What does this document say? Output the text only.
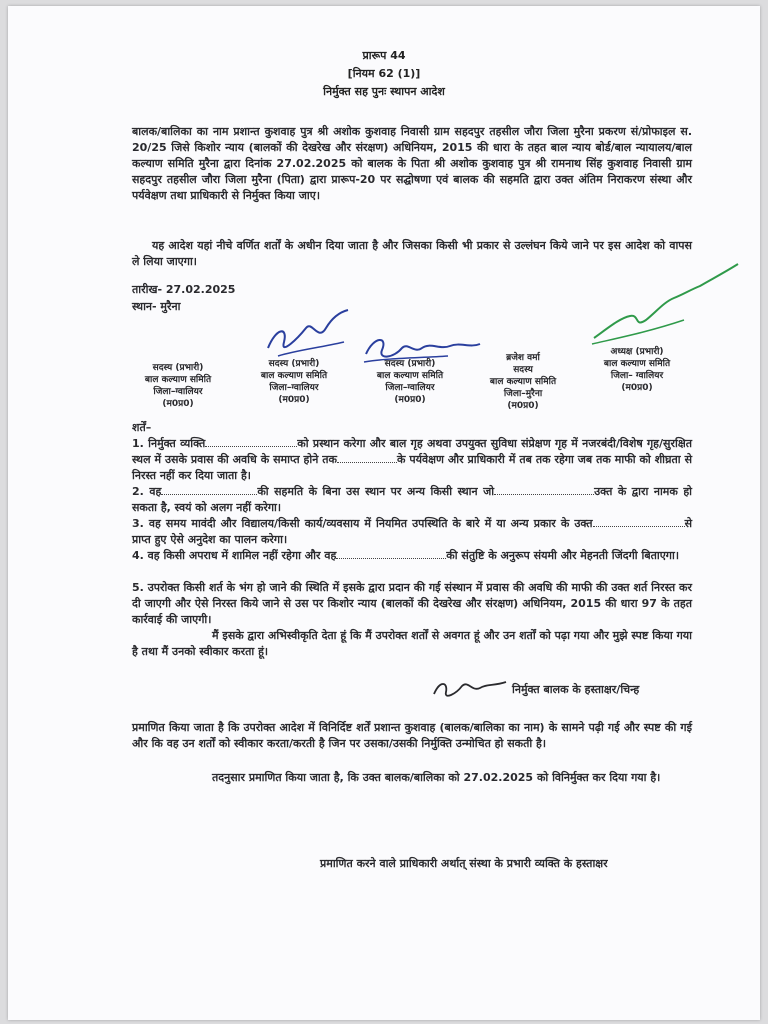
प्रारूप 44
[नियम 62 (1)]
निर्मुक्त सह पुनः स्थापन आदेश
बालक/बालिका का नाम प्रशान्त कुशवाह पुत्र श्री अशोक कुशवाह निवासी ग्राम सहदपुर तहसील जौरा जिला मुरैना प्रकरण सं/प्रोफाइल स. 20/25 जिसे किशोर न्याय (बालकों की देखरेख और संरक्षण) अधिनियम, 2015 की धारा के तहत बाल न्याय बोर्ड/बाल न्यायालय/बाल कल्याण समिति मुरैना द्वारा दिनांक 27.02.2025 को बालक के पिता श्री अशोक कुशवाह पुत्र श्री रामनाथ सिंह कुशवाह निवासी ग्राम सहदपुर तहसील जौरा जिला मुरैना (पिता) द्वारा प्रारूप-20 पर सद्घोषणा एवं बालक की सहमति द्वारा उक्त अंतिम निराकरण संस्था और पर्यवेक्षण तथा प्राधिकारी से निर्मुक्त किया जाए।
यह आदेश यहां नीचे वर्णित शर्तों के अधीन दिया जाता है और जिसका किसी भी प्रकार से उल्लंघन किये जाने पर इस आदेश को वापस ले लिया जाएगा।
तारीख- 27.02.2025
स्थान- मुरैना
सदस्य (प्रभारी)
बाल कल्याण समिति
जिला–ग्वालियर
(म0प्र0)
सदस्य (प्रभारी)
बाल कल्याण समिति
जिला–ग्वालियर
(म0प्र0)
सदस्य (प्रभारी)
बाल कल्याण समिति
जिला–ग्वालियर
(म0प्र0)
ब्रजेश वर्मा
सदस्य
बाल कल्याण समिति
जिला–मुरैना
(म0प्र0)
अध्यक्ष (प्रभारी)
बाल कल्याण समिति
जिला– ग्वालियर
(म0प्र0)
शर्तें–
1. निर्मुक्त व्यक्ति	को प्रस्थान करेगा और बाल गृह अथवा उपयुक्त सुविधा संप्रेक्षण गृह में नजरबंदी/विशेष गृह/सुरक्षित स्थल में उसके प्रवास की अवधि के समाप्त होने तक	के पर्यवेक्षण और प्राधिकारी में तब तक रहेगा जब तक माफी को शीघ्रता से निरस्त नहीं कर दिया जाता है।
2. वह	की सहमति के बिना उस स्थान पर अन्य किसी स्थान जो	उक्त के द्वारा नामक हो सकता है, स्वयं को अलग नहीं करेगा।
3. वह समय मावंदी और विद्यालय/किसी कार्य/व्यवसाय में नियमित उपस्थिति के बारे में या अन्य प्रकार के उक्त	से प्राप्त हुए ऐसे अनुदेश का पालन करेगा।
4. वह किसी अपराध में शामिल नहीं रहेगा और वह	की संतुष्टि के अनुरूप संयमी और मेहनती जिंदगी बिताएगा।
5. उपरोक्त किसी शर्त के भंग हो जाने की स्थिति में इसके द्वारा प्रदान की गई संस्थान में प्रवास की अवधि की माफी की उक्त शर्त निरस्त कर दी जाएगी और ऐसे निरस्त किये जाने से उस पर किशोर न्याय (बालकों की देखरेख और संरक्षण) अधिनियम, 2015 की धारा 97 के तहत कार्रवाई की जाएगी।
मैं इसके द्वारा अभिस्वीकृति देता हूं कि मैं उपरोक्त शर्तों से अवगत हूं और उन शर्तों को पढ़ा गया और मुझे स्पष्ट किया गया है तथा मैं उनको स्वीकार करता हूं।
निर्मुक्त बालक के हस्ताक्षर/चिन्ह
प्रमाणित किया जाता है कि उपरोक्त आदेश में विनिर्दिष्ट शर्तें प्रशान्त कुशवाह (बालक/बालिका का नाम) के सामने पढ़ी गई और स्पष्ट की गई और कि वह उन शर्तों को स्वीकार करता/करती है जिन पर उसका/उसकी निर्मुक्ति उन्मोचित हो सकती है।
तदनुसार प्रमाणित किया जाता है, कि उक्त बालक/बालिका को 27.02.2025 को विनिर्मुक्त कर दिया गया है।
प्रमाणित करने वाले प्राधिकारी अर्थात् संस्था के प्रभारी व्यक्ति के हस्ताक्षर
